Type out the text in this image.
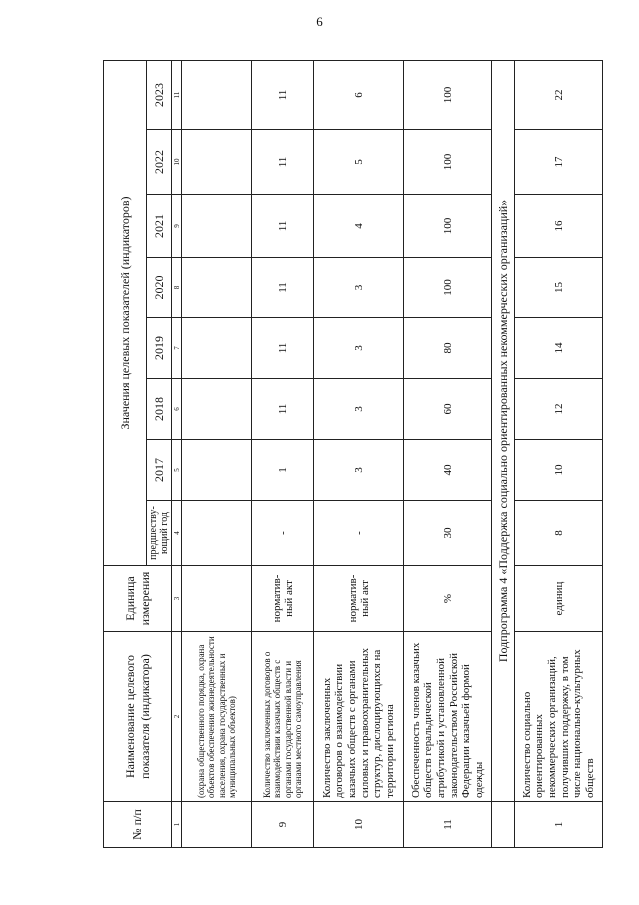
6
№ п/п	Наименование целевого показателя (индикатора)	Единица измерения	Значения целевых показателей (индикаторов)							
			предшеству-ющий год	2017	2018	2019	2020	2021	2022	2023
1	2	3	4	5	6	7	8	9	10	11
	(охрана общественного порядка, охрана объектов обеспечения жизнедеятельности населения, охрана государственных и муниципальных объектов)									
9	Количество заключенных договоров о взаимодействии казачьих обществ с органами государственной власти и органами местного самоуправления	норматив-ный акт	-	1	11	11	11	11	11	11
10	Количество заключенных договоров о взаимодействии казачьих обществ с органами силовых и правоохранительных структур, дислоцирующихся на территории региона	норматив-ный акт	-	3	3	3	3	4	5	6
11	Обеспеченность членов казачьих обществ геральдической атрибутикой и установленной законодательством Российской Федерации казачьей формой одежды	%	30	40	60	80	100	100	100	100
	Подпрограмма 4 «Поддержка социально ориентированных некоммерческих организаций»									
1	Количество социально ориентированных некоммерческих организаций, получивших поддержку, в том числе национально-культурных обществ	единиц	8	10	12	14	15	16	17	22
